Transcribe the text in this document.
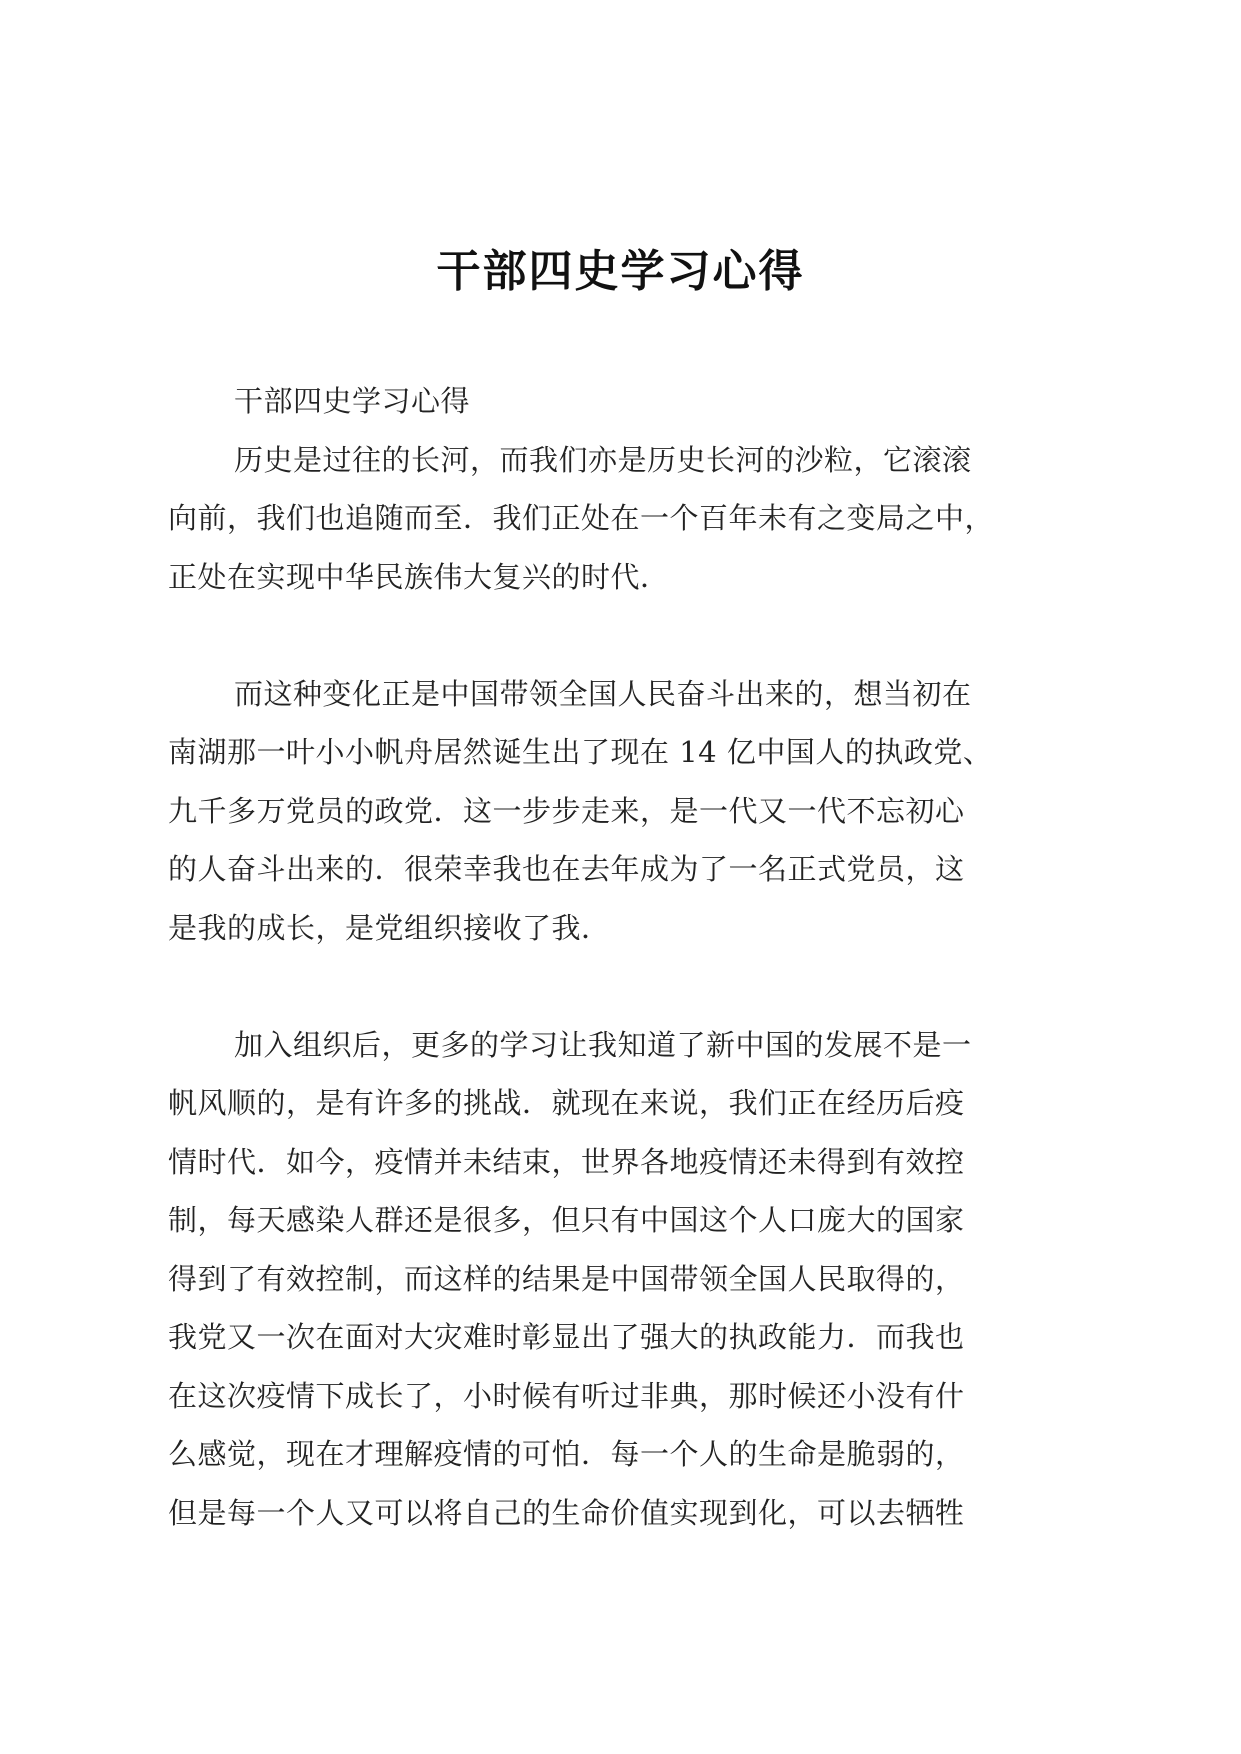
干部四史学习心得
干部四史学习心得
历史是过往的长河，而我们亦是历史长河的沙粒，它滚滚
向前，我们也追随而至．我们正处在一个百年未有之变局之中，
正处在实现中华民族伟大复兴的时代．
而这种变化正是中国带领全国人民奋斗出来的，想当初在
南湖那一叶小小帆舟居然诞生出了现在 14 亿中国人的执政党、
九千多万党员的政党．这一步步走来，是一代又一代不忘初心
的人奋斗出来的．很荣幸我也在去年成为了一名正式党员，这
是我的成长，是党组织接收了我．
加入组织后，更多的学习让我知道了新中国的发展不是一
帆风顺的，是有许多的挑战．就现在来说，我们正在经历后疫
情时代．如今，疫情并未结束，世界各地疫情还未得到有效控
制，每天感染人群还是很多，但只有中国这个人口庞大的国家
得到了有效控制，而这样的结果是中国带领全国人民取得的，
我党又一次在面对大灾难时彰显出了强大的执政能力．而我也
在这次疫情下成长了，小时候有听过非典，那时候还小没有什
么感觉，现在才理解疫情的可怕．每一个人的生命是脆弱的，
但是每一个人又可以将自己的生命价值实现到化，可以去牺牲
